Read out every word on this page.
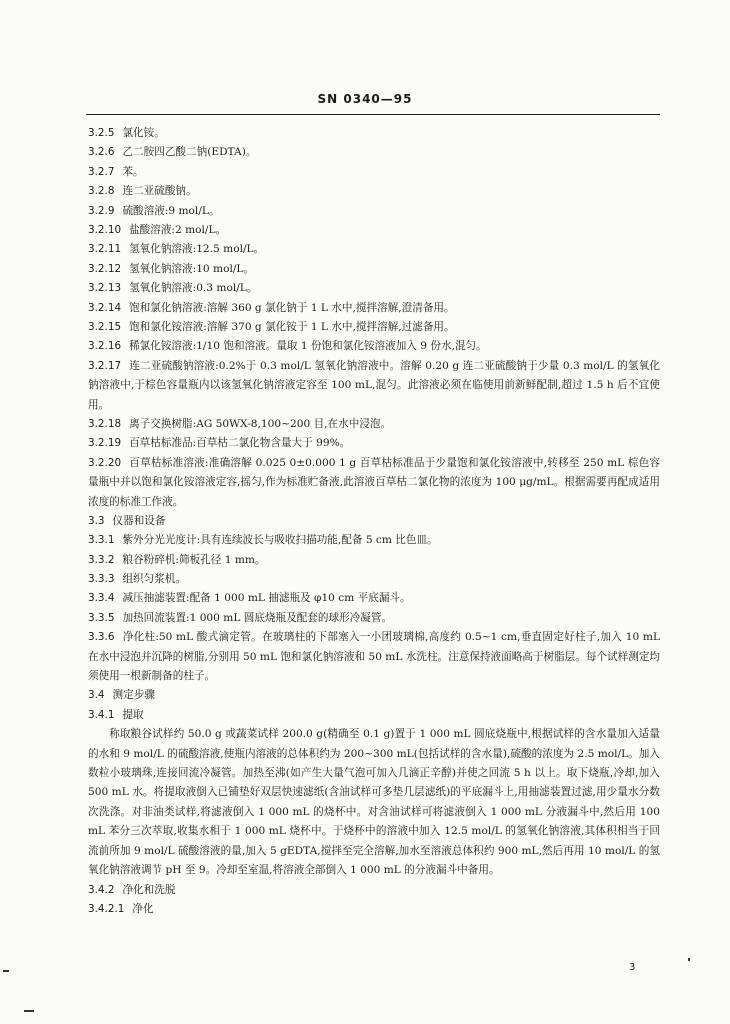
SN 0340—95
3.2.5 氯化铵。
3.2.6 乙二胺四乙酸二钠(EDTA)。
3.2.7 苯。
3.2.8 连二亚硫酸钠。
3.2.9 硫酸溶液:9 mol/L。
3.2.10 盐酸溶液:2 mol/L。
3.2.11 氢氧化钠溶液:12.5 mol/L。
3.2.12 氢氧化钠溶液:10 mol/L。
3.2.13 氢氧化钠溶液:0.3 mol/L。
3.2.14 饱和氯化钠溶液:溶解 360 g 氯化钠于 1 L 水中,搅拌溶解,澄清备用。
3.2.15 饱和氯化铵溶液:溶解 370 g 氯化铵于 1 L 水中,搅拌溶解,过滤备用。
3.2.16 稀氯化铵溶液:1/10 饱和溶液。量取 1 份饱和氯化铵溶液加入 9 份水,混匀。
3.2.17 连二亚硫酸钠溶液:0.2%于 0.3 mol/L 氢氧化钠溶液中。溶解 0.20 g 连二亚硫酸钠于少量 0.3 mol/L 的氢氧化钠溶液中,于棕色容量瓶内以该氢氧化钠溶液定容至 100 mL,混匀。此溶液必须在临使用前新鲜配制,超过 1.5 h 后不宜使用。
3.2.18 离子交换树脂:AG 50WX-8,100~200 目,在水中浸泡。
3.2.19 百草枯标准品:百草枯二氯化物含量大于 99%。
3.2.20 百草枯标准溶液:准确溶解 0.025 0±0.000 1 g 百草枯标准品于少量饱和氯化铵溶液中,转移至 250 mL 棕色容量瓶中并以饱和氯化铵溶液定容,摇匀,作为标准贮备液,此溶液百草枯二氯化物的浓度为 100 μg/mL。根据需要再配成适用浓度的标准工作液。
3.3 仪器和设备
3.3.1 紫外分光光度计:具有连续波长与吸收扫描功能,配备 5 cm 比色皿。
3.3.2 粮谷粉碎机:筛板孔径 1 mm。
3.3.3 组织匀浆机。
3.3.4 减压抽滤装置:配备 1 000 mL 抽滤瓶及 φ10 cm 平底漏斗。
3.3.5 加热回流装置:1 000 mL 圆底烧瓶及配套的球形冷凝管。
3.3.6 净化柱:50 mL 酸式滴定管。在玻璃柱的下部塞入一小团玻璃棉,高度约 0.5~1 cm,垂直固定好柱子,加入 10 mL 在水中浸泡并沉降的树脂,分别用 50 mL 饱和氯化钠溶液和 50 mL 水洗柱。注意保持液面略高于树脂层。每个试样测定均须使用一根新制备的柱子。
3.4 测定步骤
3.4.1 提取
称取粮谷试样约 50.0 g 或蔬菜试样 200.0 g(精确至 0.1 g)置于 1 000 mL 圆底烧瓶中,根据试样的含水量加入适量的水和 9 mol/L 的硫酸溶液,使瓶内溶液的总体积约为 200~300 mL(包括试样的含水量),硫酸的浓度为 2.5 mol/L。加入数粒小玻璃珠,连接回流冷凝管。加热至沸(如产生大量气泡可加入几滴正辛醇)并使之回流 5 h 以上。取下烧瓶,冷却,加入 500 mL 水。将提取液倒入已铺垫好双层快速滤纸(含油试样可多垫几层滤纸)的平底漏斗上,用抽滤装置过滤,用少量水分数次洗涤。对非油类试样,将滤液倒入 1 000 mL 的烧杯中。对含油试样可将滤液倒入 1 000 mL 分液漏斗中,然后用 100 mL 苯分三次萃取,收集水相于 1 000 mL 烧杯中。于烧杯中的溶液中加入 12.5 mol/L 的氢氧化钠溶液,其体积相当于回流前所加 9 mol/L 硫酸溶液的量,加入 5 gEDTA,搅拌至完全溶解,加水至溶液总体积约 900 mL,然后再用 10 mol/L 的氢氧化钠溶液调节 pH 至 9。冷却至室温,将溶液全部倒入 1 000 mL 的分液漏斗中备用。
3.4.2 净化和洗脱
3.4.2.1 净化
3
